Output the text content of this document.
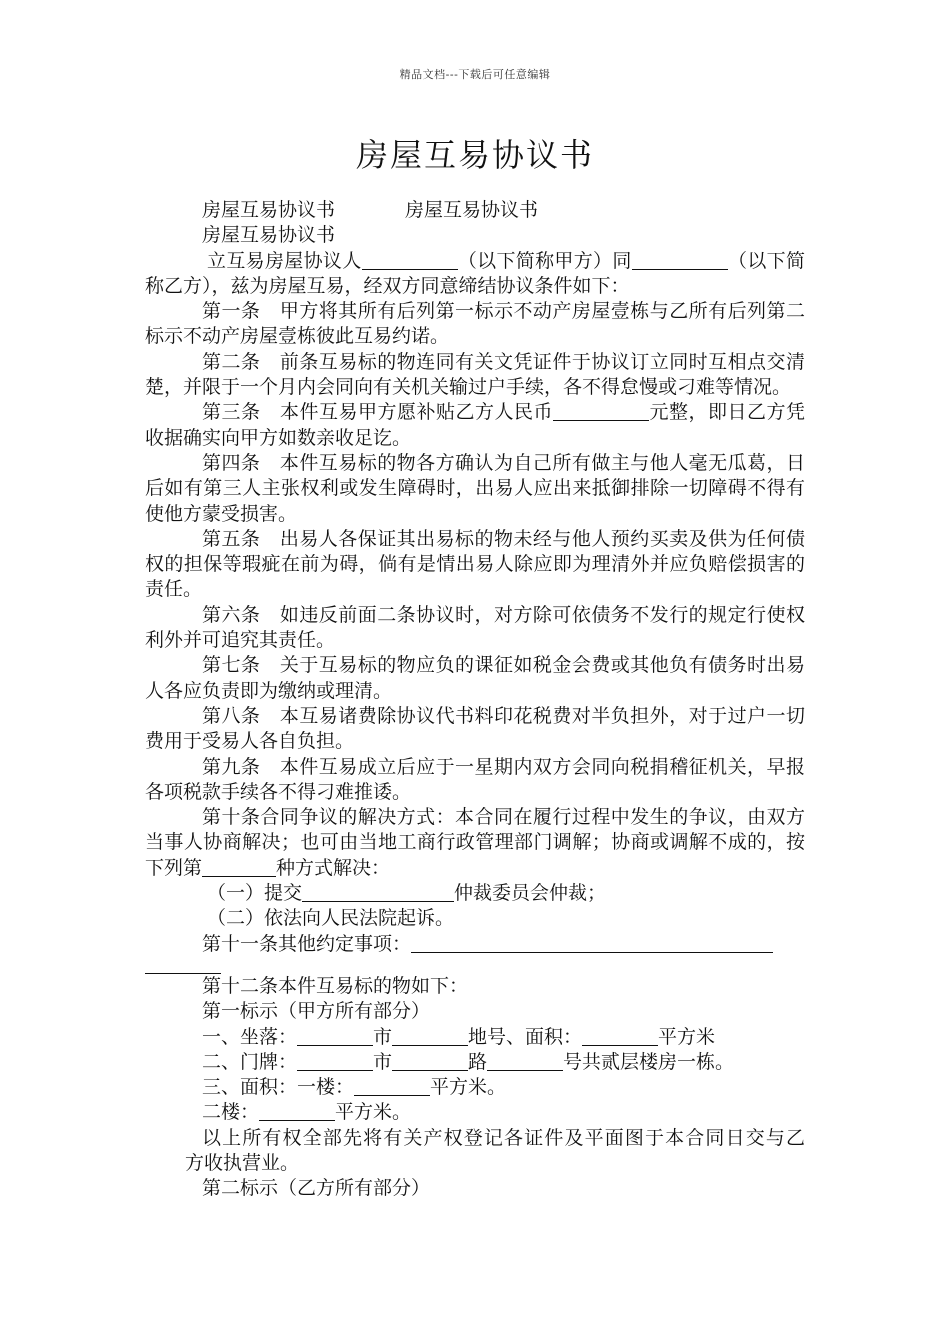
精品文档---下载后可任意编辑
房屋互易协议书

房屋互易协议书	房屋互易协议书

房屋互易协议书

立互易房屋协议人	（以下简称甲方）同	（以下简称乙方），兹为房屋互易，经双方同意缔结协议条件如下：

第一条　甲方将其所有后列第一标示不动产房屋壹栋与乙所有后列第二标示不动产房屋壹栋彼此互易约诺。

第二条　前条互易标的物连同有关文凭证件于协议订立同时互相点交清楚，并限于一个月内会同向有关机关输过户手续，各不得怠慢或刁难等情况。

第三条　本件互易甲方愿补贴乙方人民币	元整，即日乙方凭收据确实向甲方如数亲收足讫。

第四条　本件互易标的物各方确认为自己所有做主与他人毫无瓜葛，日后如有第三人主张权利或发生障碍时，出易人应出来抵御排除一切障碍不得有使他方蒙受损害。

第五条　出易人各保证其出易标的物未经与他人预约买卖及供为任何债权的担保等瑕疵在前为碍，倘有是情出易人除应即为理清外并应负赔偿损害的责任。

第六条　如违反前面二条协议时，对方除可依债务不发行的规定行使权利外并可追究其责任。

第七条　关于互易标的物应负的课征如税金会费或其他负有债务时出易人各应负责即为缴纳或理清。

第八条　本互易诸费除协议代书料印花税费对半负担外，对于过户一切费用于受易人各自负担。

第九条　本件互易成立后应于一星期内双方会同向税捐稽征机关，早报各项税款手续各不得刁难推诿。

第十条合同争议的解决方式：本合同在履行过程中发生的争议，由双方当事人协商解决；也可由当地工商行政管理部门调解；协商或调解不成的，按下列第	种方式解决：

（一）提交	仲裁委员会仲裁；

（二）依法向人民法院起诉。

第十一条其他约定事项：

第十二条本件互易标的物如下：

第一标示（甲方所有部分）

一、坐落：	市	地号、面积：	平方米

二、门牌：	市	路	号共贰层楼房一栋。

三、面积：一楼：	平方米。

二楼：	平方米。

以上所有权全部先将有关产权登记各证件及平面图于本合同日交与乙方收执营业。

第二标示（乙方所有部分）
